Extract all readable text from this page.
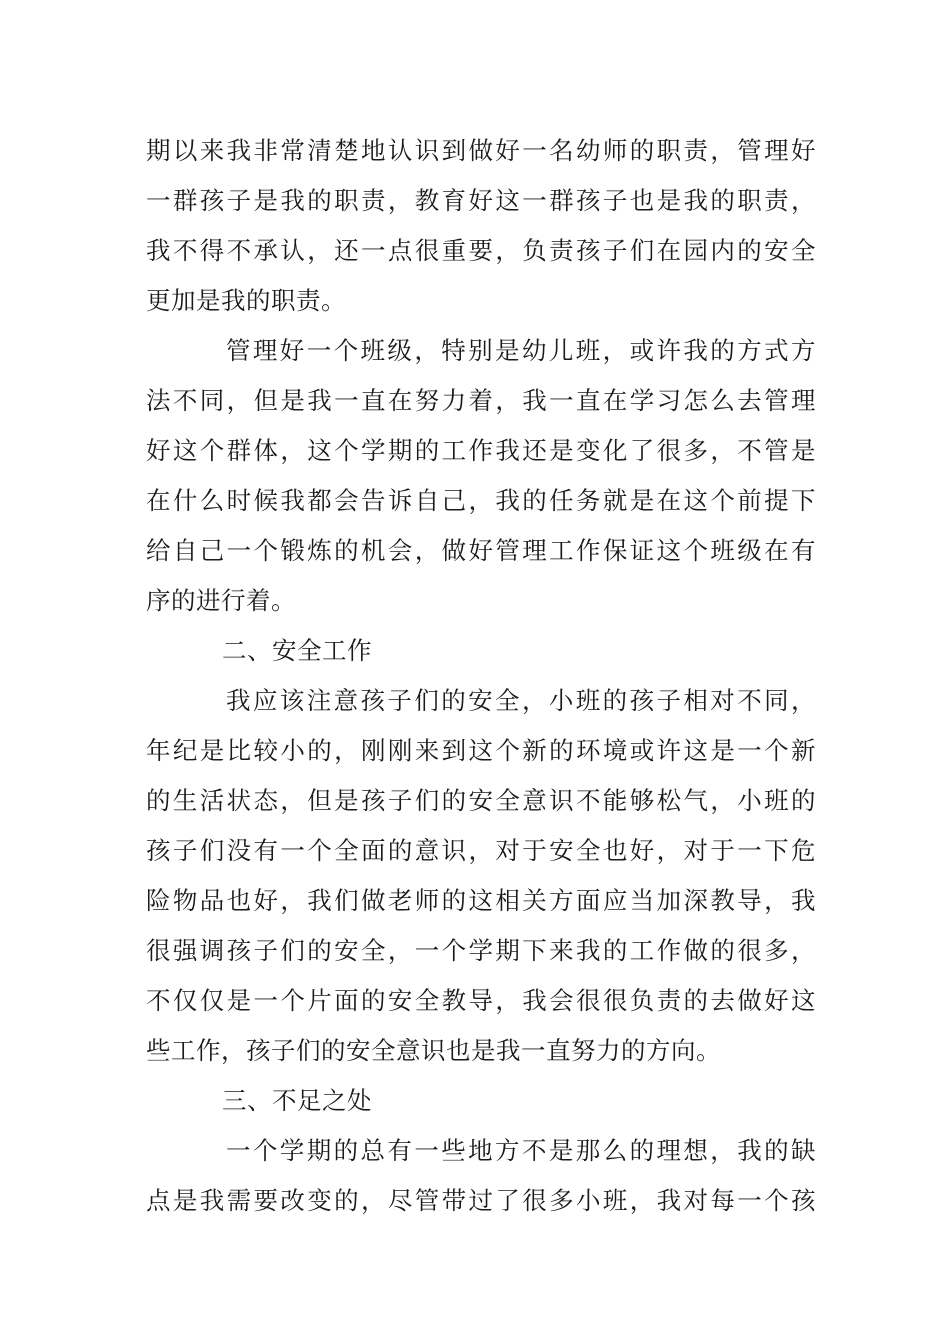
期以来我非常清楚地认识到做好一名幼师的职责，管理好
一群孩子是我的职责，教育好这一群孩子也是我的职责，
我不得不承认，还一点很重要，负责孩子们在园内的安全
更加是我的职责。
管理好一个班级，特别是幼儿班，或许我的方式方
法不同，但是我一直在努力着，我一直在学习怎么去管理
好这个群体，这个学期的工作我还是变化了很多，不管是
在什么时候我都会告诉自己，我的任务就是在这个前提下
给自己一个锻炼的机会，做好管理工作保证这个班级在有
序的进行着。
二、安全工作
我应该注意孩子们的安全，小班的孩子相对不同，
年纪是比较小的，刚刚来到这个新的环境或许这是一个新
的生活状态，但是孩子们的安全意识不能够松气，小班的
孩子们没有一个全面的意识，对于安全也好，对于一下危
险物品也好，我们做老师的这相关方面应当加深教导，我
很强调孩子们的安全，一个学期下来我的工作做的很多，
不仅仅是一个片面的安全教导，我会很很负责的去做好这
些工作，孩子们的安全意识也是我一直努力的方向。
三、不足之处
一个学期的总有一些地方不是那么的理想，我的缺
点是我需要改变的，尽管带过了很多小班，我对每一个孩
